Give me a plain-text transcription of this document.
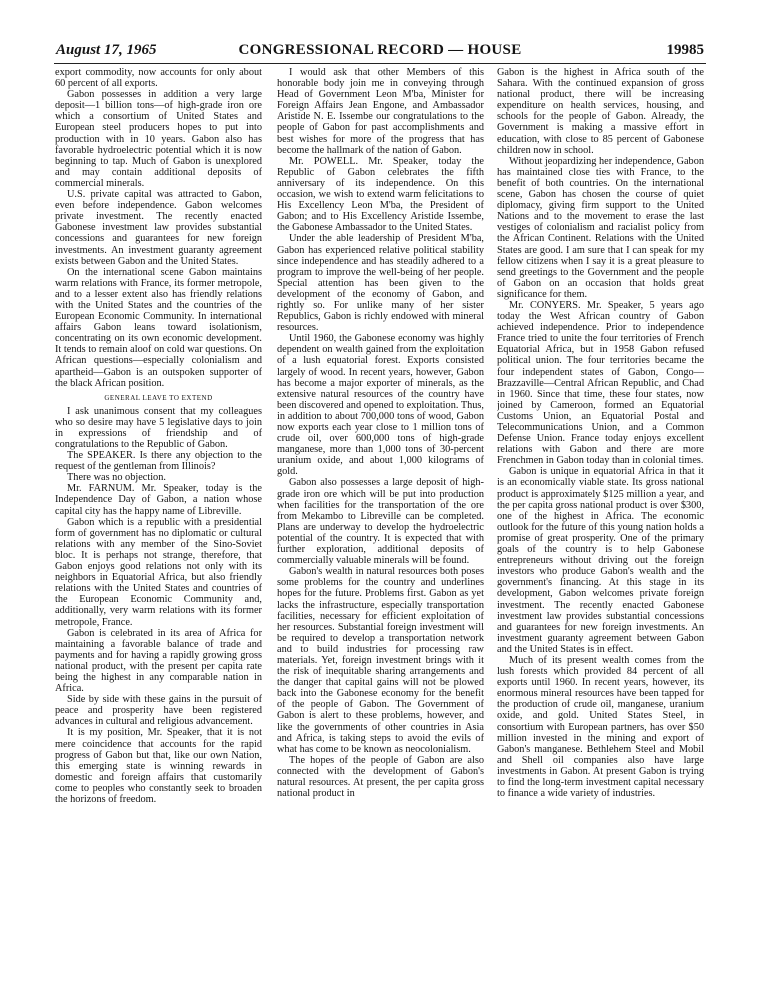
August 17, 1965	CONGRESSIONAL RECORD — HOUSE	19985

export commodity, now accounts for only about 60 percent of all exports.

Gabon possesses in addition a very large deposit—1 billion tons—of high-grade iron ore which a consortium of United States and European steel producers hopes to put into production with in 10 years. Gabon also has favorable hydroelectric potential which it is now beginning to tap. Much of Gabon is unexplored and may contain additional deposits of commercial minerals.

U.S. private capital was attracted to Gabon, even before independence. Gabon welcomes private investment. The recently enacted Gabonese investment law provides substantial concessions and guarantees for new foreign investments. An investment guaranty agreement exists between Gabon and the United States.

On the international scene Gabon maintains warm relations with France, its former metropole, and to a lesser extent also has friendly relations with the United States and the countries of the European Economic Community. In international affairs Gabon leans toward isolationism, concentrating on its own economic development. It tends to remain aloof on cold war questions. On African questions—especially colonialism and apartheid—Gabon is an outspoken supporter of the black African position.

GENERAL LEAVE TO EXTEND

I ask unanimous consent that my colleagues who so desire may have 5 legislative days to join in expressions of friendship and of congratulations to the Republic of Gabon.

The SPEAKER. Is there any objection to the request of the gentleman from Illinois?

There was no objection.

Mr. FARNUM. Mr. Speaker, today is the Independence Day of Gabon, a nation whose capital city has the happy name of Libreville.

Gabon which is a republic with a presidential form of government has no diplomatic or cultural relations with any member of the Sino-Soviet bloc. It is perhaps not strange, therefore, that Gabon enjoys good relations not only with its neighbors in Equatorial Africa, but also friendly relations with the United States and countries of the European Economic Community and, additionally, very warm relations with its former metropole, France.

Gabon is celebrated in its area of Africa for maintaining a favorable balance of trade and payments and for having a rapidly growing gross national product, with the present per capita rate being the highest in any comparable nation in Africa.

Side by side with these gains in the pursuit of peace and prosperity have been registered advances in cultural and religious advancement.

It is my position, Mr. Speaker, that it is not mere coincidence that accounts for the rapid progress of Gabon but that, like our own Nation, this emerging state is winning rewards in domestic and foreign affairs that customarily come to peoples who constantly seek to broaden the horizons of freedom.

I would ask that other Members of this honorable body join me in conveying through Head of Government Leon M'ba, Minister for Foreign Affairs Jean Engone, and Ambassador Aristide N. E. Issembe our congratulations to the people of Gabon for past accomplishments and best wishes for more of the progress that has become the hallmark of the nation of Gabon.

Mr. POWELL. Mr. Speaker, today the Republic of Gabon celebrates the fifth anniversary of its independence. On this occasion, we wish to extend warm felicitations to His Excellency Leon M'ba, the President of Gabon; and to His Excellency Aristide Issembe, the Gabonese Ambassador to the United States.

Under the able leadership of President M'ba, Gabon has experienced relative political stability since independence and has steadily adhered to a program to improve the well-being of her people. Special attention has been given to the development of the economy of Gabon, and rightly so. For unlike many of her sister Republics, Gabon is richly endowed with mineral resources.

Until 1960, the Gabonese economy was highly dependent on wealth gained from the exploitation of a lush equatorial forest. Exports consisted largely of wood. In recent years, however, Gabon has become a major exporter of minerals, as the extensive natural resources of the country have been discovered and opened to exploitation. Thus, in addition to about 700,000 tons of wood, Gabon now exports each year close to 1 million tons of crude oil, over 600,000 tons of high-grade manganese, more than 1,000 tons of 30-percent uranium oxide, and about 1,000 kilograms of gold.

Gabon also possesses a large deposit of high-grade iron ore which will be put into production when facilities for the transportation of the ore from Mekambo to Libreville can be completed. Plans are underway to develop the hydroelectric potential of the country. It is expected that with further exploration, additional deposits of commercially valuable minerals will be found.

Gabon's wealth in natural resources both poses some problems for the country and underlines hopes for the future. Problems first. Gabon as yet lacks the infrastructure, especially transportation facilities, necessary for efficient exploitation of her resources. Substantial foreign investment will be required to develop a transportation network and to build industries for processing raw materials. Yet, foreign investment brings with it the risk of inequitable sharing arrangements and the danger that capital gains will not be plowed back into the Gabonese economy for the benefit of the people of Gabon. The Government of Gabon is alert to these problems, however, and like the governments of other countries in Asia and Africa, is taking steps to avoid the evils of what has come to be known as neocolonialism.

The hopes of the people of Gabon are also connected with the development of Gabon's natural resources. At present, the per capita gross national product in

Gabon is the highest in Africa south of the Sahara. With the continued expansion of gross national product, there will be increasing expenditure on health services, housing, and schools for the people of Gabon. Already, the Government is making a massive effort in education, with close to 85 percent of Gabonese children now in school.

Without jeopardizing her independence, Gabon has maintained close ties with France, to the benefit of both countries. On the international scene, Gabon has chosen the course of quiet diplomacy, giving firm support to the United Nations and to the movement to erase the last vestiges of colonialism and racialist policy from the African Continent. Relations with the United States are good. I am sure that I can speak for my fellow citizens when I say it is a great pleasure to send greetings to the Government and the people of Gabon on an occasion that holds great significance for them.

Mr. CONYERS. Mr. Speaker, 5 years ago today the West African country of Gabon achieved independence. Prior to independence France tried to unite the four territories of French Equatorial Africa, but in 1958 Gabon refused political union. The four territories became the four independent states of Gabon, Congo—Brazzaville—Central African Republic, and Chad in 1960. Since that time, these four states, now joined by Cameroon, formed an Equatorial Customs Union, an Equatorial Postal and Telecommunications Union, and a Common Defense Union. France today enjoys excellent relations with Gabon and there are more Frenchmen in Gabon today than in colonial times.

Gabon is unique in equatorial Africa in that it is an economically viable state. Its gross national product is approximately $125 million a year, and the per capita gross national product is over $300, one of the highest in Africa. The economic outlook for the future of this young nation holds a promise of great prosperity. One of the primary goals of the country is to help Gabonese entrepreneurs without driving out the foreign investors who produce Gabon's wealth and the government's financing. At this stage in its development, Gabon welcomes private foreign investment. The recently enacted Gabonese investment law provides substantial concessions and guarantees for new foreign investments. An investment guaranty agreement between Gabon and the United States is in effect.

Much of its present wealth comes from the lush forests which provided 84 percent of all exports until 1960. In recent years, however, its enormous mineral resources have been tapped for the production of crude oil, manganese, uranium oxide, and gold. United States Steel, in consortium with European partners, has over $50 million invested in the mining and export of Gabon's manganese. Bethlehem Steel and Mobil and Shell oil companies also have large investments in Gabon. At present Gabon is trying to find the long-term investment capital necessary to finance a wide variety of industries.
